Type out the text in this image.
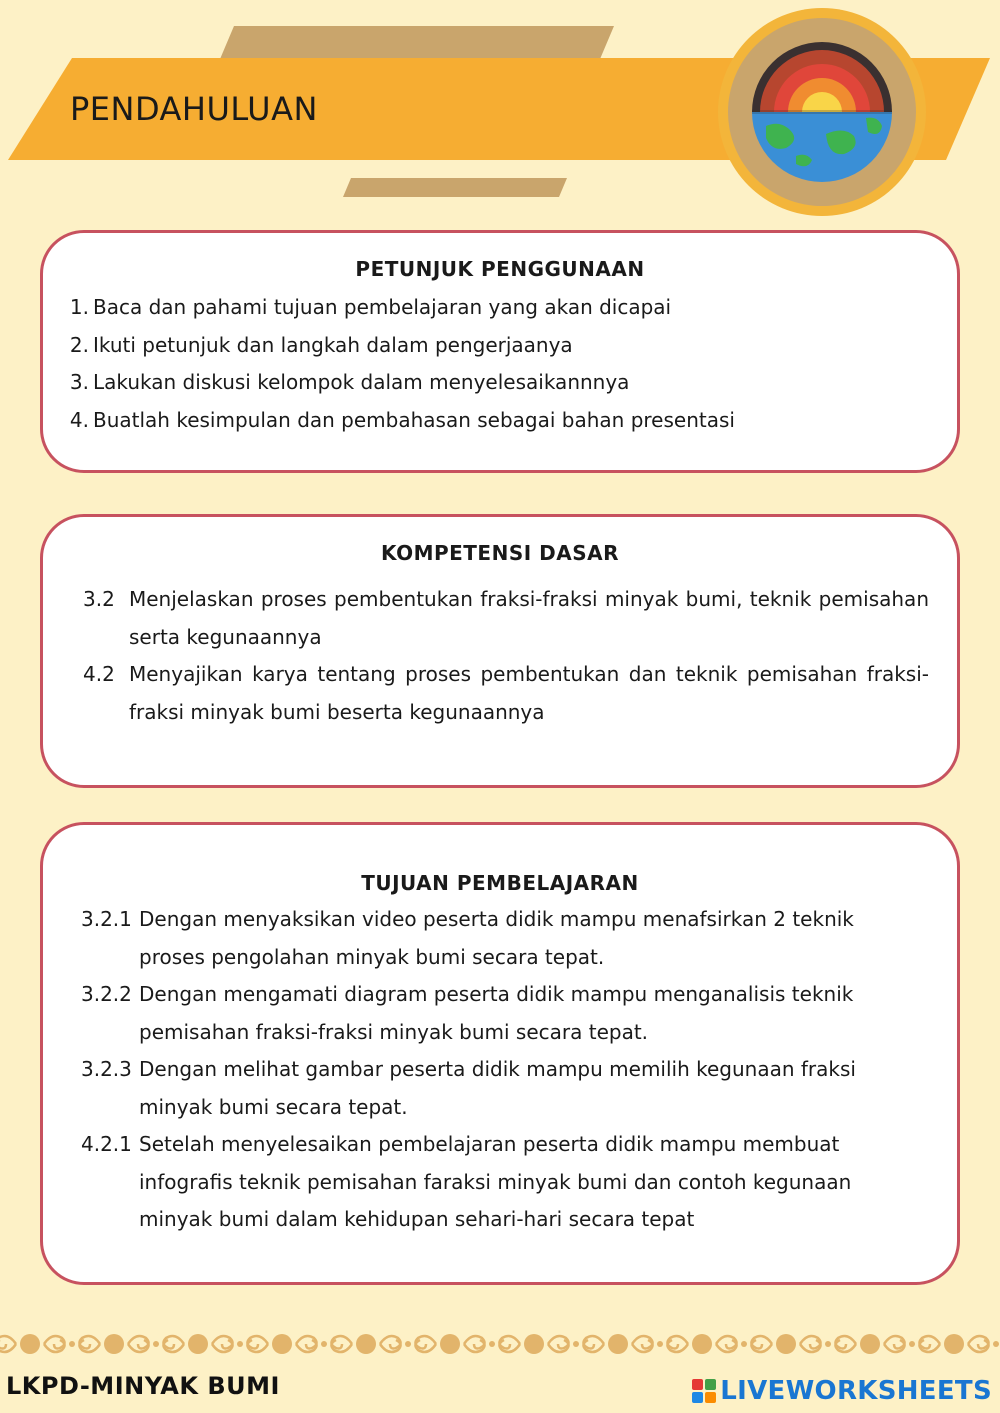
PENDAHULUAN
PETUNJUK PENGGUNAAN
1. Baca dan pahami tujuan pembelajaran yang akan dicapai
2. Ikuti petunjuk dan langkah dalam pengerjaanya
3. Lakukan diskusi kelompok dalam menyelesaikannnya
4. Buatlah kesimpulan dan pembahasan sebagai bahan presentasi
KOMPETENSI DASAR
3.2 Menjelaskan proses pembentukan fraksi-fraksi minyak bumi, teknik pemisahan serta kegunaannya
4.2 Menyajikan karya tentang proses pembentukan dan teknik pemisahan fraksi-fraksi minyak bumi beserta kegunaannya
TUJUAN PEMBELAJARAN
3.2.1 Dengan menyaksikan video peserta didik mampu menafsirkan 2 teknik proses pengolahan minyak bumi secara tepat.
3.2.2 Dengan mengamati diagram peserta didik mampu menganalisis teknik pemisahan fraksi-fraksi minyak bumi secara tepat.
3.2.3 Dengan melihat gambar peserta didik mampu memilih kegunaan fraksi minyak bumi secara tepat.
4.2.1 Setelah menyelesaikan pembelajaran peserta didik mampu membuat infografis teknik pemisahan faraksi minyak bumi dan contoh kegunaan minyak bumi dalam kehidupan sehari-hari secara tepat
LKPD-MINYAK BUMI	LIVEWORKSHEETS
